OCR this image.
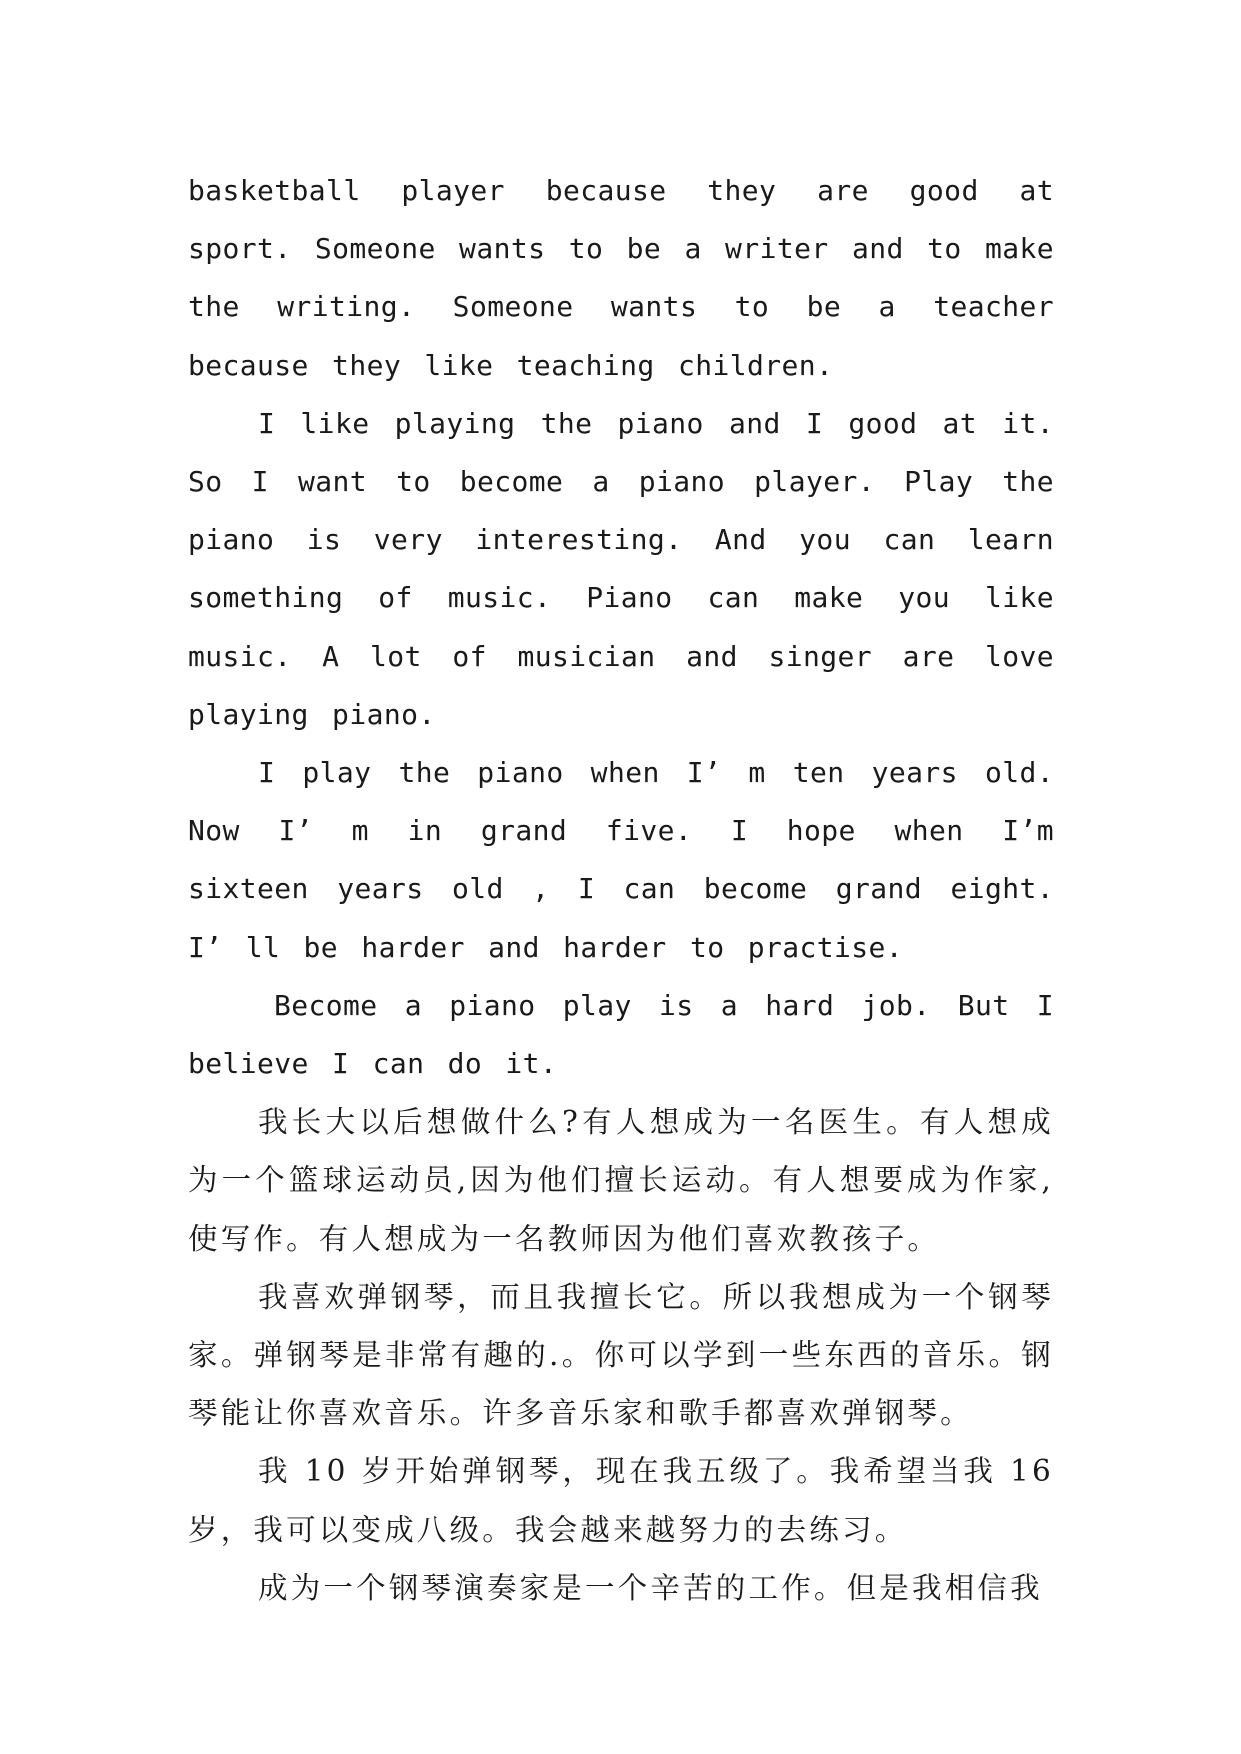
basketball player because they are good at sport. Someone wants to be a writer and to make the writing. Someone wants to be a teacher because they like teaching children.

I like playing the piano and I good at it. So I want to become a piano player. Play the piano is very interesting. And you can learn something of music. Piano can make you like music. A lot of musician and singer are love playing piano.

I play the piano when I’ m ten years old. Now I’ m in grand five. I hope when I’m sixteen years old , I can become grand eight. I’ ll be harder and harder to practise.

Become a piano play is a hard job. But I believe I can do it.

我长大以后想做什么?有人想成为一名医生。有人想成为一个篮球运动员,因为他们擅长运动。有人想要成为作家,使写作。有人想成为一名教师因为他们喜欢教孩子。

我喜欢弹钢琴，而且我擅长它。所以我想成为一个钢琴家。弹钢琴是非常有趣的.。你可以学到一些东西的音乐。钢琴能让你喜欢音乐。许多音乐家和歌手都喜欢弹钢琴。

我 10 岁开始弹钢琴，现在我五级了。我希望当我 16 岁，我可以变成八级。我会越来越努力的去练习。

成为一个钢琴演奏家是一个辛苦的工作。但是我相信我
